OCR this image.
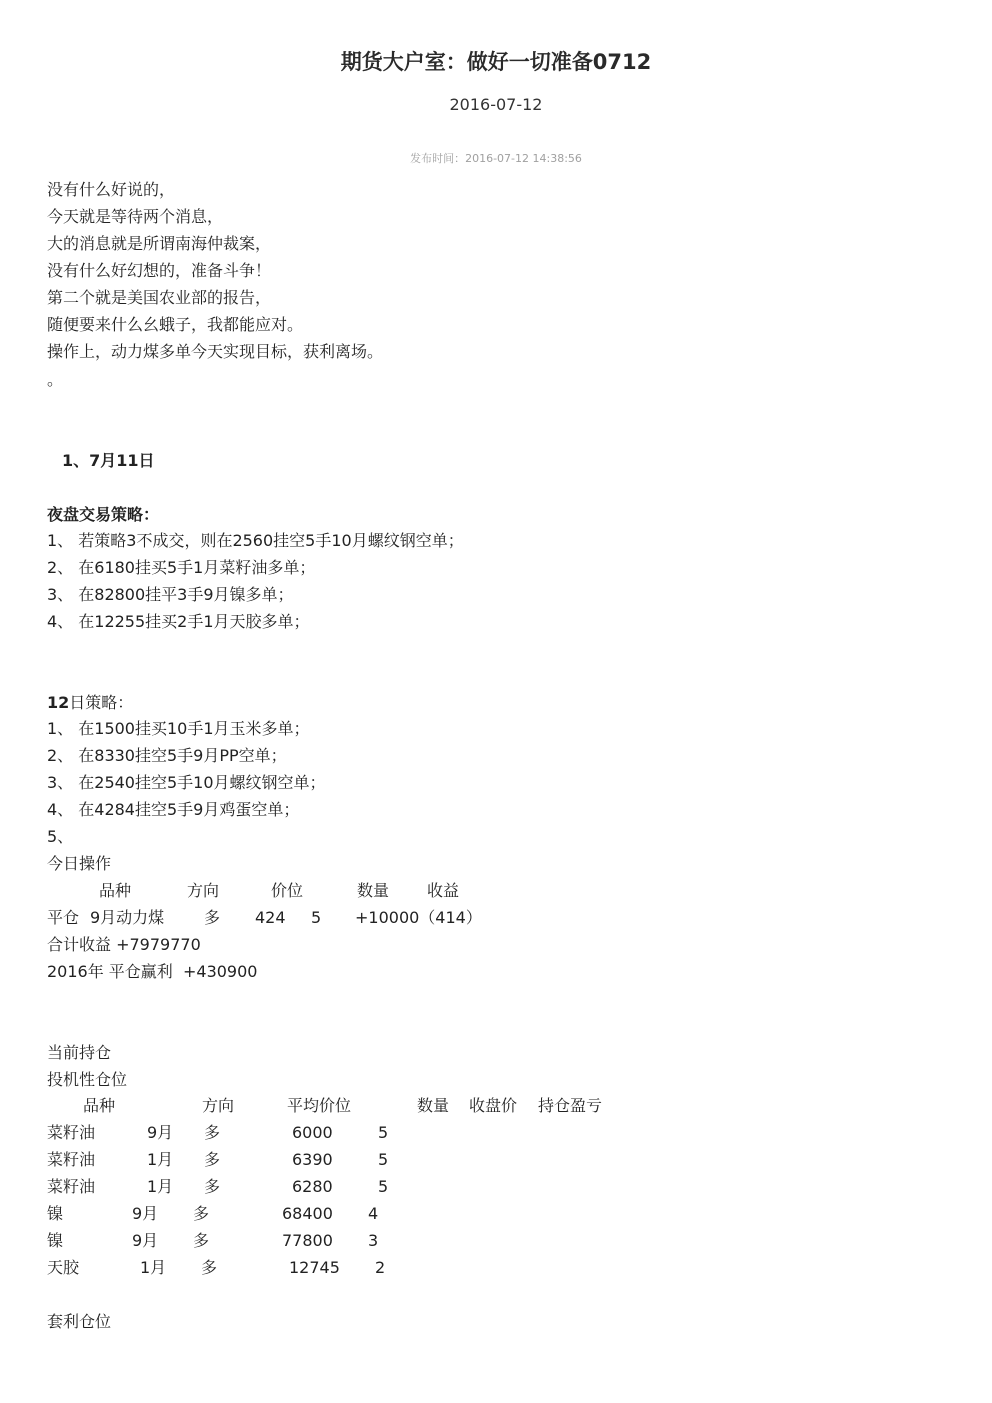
期货大户室：做好一切准备0712
2016-07-12
发布时间：2016-07-12 14:38:56
没有什么好说的，
今天就是等待两个消息，
大的消息就是所谓南海仲裁案，
没有什么好幻想的，准备斗争！
第二个就是美国农业部的报告，
随便要来什么幺蛾子，我都能应对。
操作上，动力煤多单今天实现目标，获利离场。
。
1、7月11日
夜盘交易策略：
1、 若策略3不成交，则在2560挂空5手10月螺纹钢空单；
2、 在6180挂买5手1月菜籽油多单；
3、 在82800挂平3手9月镍多单；
4、 在12255挂买2手1月天胶多单；
12日策略：
1、 在1500挂买10手1月玉米多单；
2、 在8330挂空5手9月PP空单；
3、 在2540挂空5手10月螺纹钢空单；
4、 在4284挂空5手9月鸡蛋空单；
5、
今日操作
品种	方向	价位	数量 收益
平仓 9月动力煤 多 424 5 +10000（414）
合计收益 +7979770
2016年 平仓赢利  +430900
当前持仓
投机性仓位
品种	方向	平均价位	数量 收盘价 持仓盈亏
菜籽油	9月 多	6000	5
菜籽油	1月 多	6390	5
菜籽油	1月 多	6280	5
镍	9月 多	68400 4
镍	9月 多	77800 3
天胶	1月 多	12745 2
套利仓位
